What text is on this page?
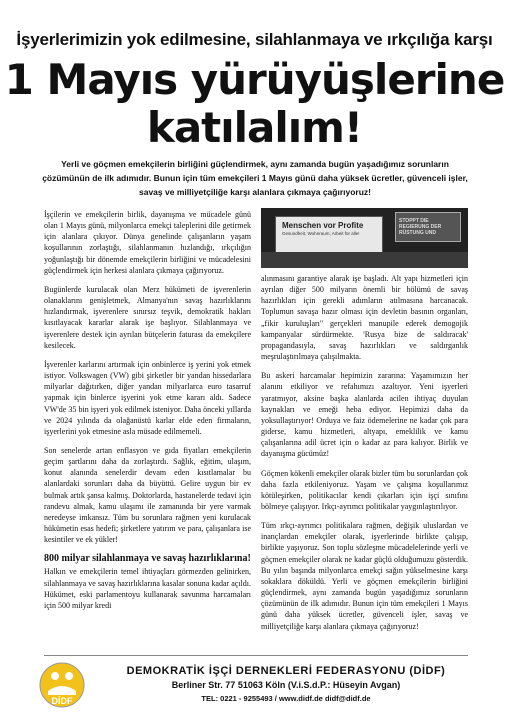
İşyerlerimizin yok edilmesine, silahlanmaya ve ırkçılığa karşı
1 Mayıs yürüyüşlerine
katılalım!
Yerli ve göçmen emekçilerin birliğini güçlendirmek, aynı zamanda bugün yaşadığımız sorunların
çözümünün de ilk adımıdır. Bunun için tüm emekçileri 1 Mayıs günü daha yüksek ücretler, güvenceli işler,
savaş ve milliyetçiliğe karşı alanlara çıkmaya çağırıyoruz!

İşçilerin ve emekçilerin birlik, dayanışma ve mücadele günü olan 1 Mayıs günü, milyonlarca emekçi taleplerini dile getirmek için alanlara çıkıyor. Dünya genelinde çalışanların yaşam koşullarının zorlaştığı, silahlanmanın hızlandığı, ırkçılığın yoğunlaştığı bir dönemde emekçilerin birliğini ve mücadelesini güçlendirmek için herkesi alanlara çıkmaya çağırıyoruz.

Bugünlerde kurulacak olan Merz hükümeti de işverenlerin olanaklarını genişletmek, Almanya'nın savaş hazırlıklarını hızlandırmak, işverenlere sınırsız teşvik, demokratik hakları kısıtlayacak kararlar alarak işe başlıyor. Silahlanmaya ve işverenlere destek için ayrılan bütçelerin faturası da emekçilere kesilecek.

İşverenler karlarını artırmak için onbinlerce iş yerini yok etmek istiyor. Volkswagen (VW) gibi şirketler bir yandan hissedarlara milyarlar dağıtırken, diğer yandan milyarlarca euro tasarruf yapmak için binlerce işyerini yok etme kararı aldı. Sadece VW'de 35 bin işyeri yok edilmek isteniyor. Daha önceki yıllarda ve 2024 yılında da olağanüstü karlar elde eden firmaların, işyerlerini yok etmesine asla müsade edilmemeli.

Son senelerde artan enflasyon ve gıda fiyatları emekçilerin geçim şartlarını daha da zorlaştırdı. Sağlık, eğitim, ulaşım, konut alanında senelerdir devam eden kısıtlamalar bu alanlardaki sorunları daha da büyüttü. Gelire uygun bir ev bulmak artık şansa kalmış. Doktorlarda, hastanelerde tedavi için randevu almak, kamu ulaşımı ile zamanında bir yere varmak neredeyse imkansız. Tüm bu sorunlara rağmen yeni kurulacak hükümetin esas hedefi; şirketlere yatırım ve para, çalışanlara ise kesintiler ve ek yükler!

800 milyar silahlanmaya ve savaş hazırlıklarına!

Halkın ve emekçilerin temel ihtiyaçları görmezden gelinirken, silahlanmaya ve savaş hazırlıklarına kasalar sonuna kadar açıldı. Hükümet, eski parlamentoyu kullanarak savunma harcamaları için 500 milyar kredi

Menschen vor Profite
Gesundheit, Wohnraum, Arbeit für alle!
STOPPT DIE REGIERUNG DER RÜSTUNG UND

alınmasını garantiye alarak işe başladı. Alt yapı hizmetleri için ayrılan diğer 500 milyarın önemli bir bölümü de savaş hazırlıkları için gerekli adımların atılmasına harcanacak. Toplumun savaşa hazır olması için devletin basının organları, „fikir kuruluşları" gerçekleri manupile ederek demogojik kampanyalar sürdürmekte. 'Rusya bize de saldıracak' propagandasıyla, savaş hazırlıkları ve saldırganlık meşrulaştırılmaya çalışılmakta.

Bu askeri harcamalar hepimizin zararına: Yaşamımızın her alanını etkiliyor ve refahımızı azaltıyor. Yeni işyerleri yaratmıyor, aksine başka alanlarda acilen ihtiyaç duyulan kaynakları ve emeği heba ediyor. Hepimizi daha da yoksullaştırıyor! Orduya ve faiz ödemelerine ne kadar çok para giderse, kamu hizmetleri, altyapı, emeklilik ve kamu çalışanlarına adil ücret için o kadar az para kalıyor. Birlik ve dayanışma gücümüz!

Göçmen kökenli emekçiler olarak bizler tüm bu sorunlardan çok daha fazla etkileniyoruz. Yaşam ve çalışma koşullarımız kötüleşirken, politikacılar kendi çıkarları için işçi sınıfını bölmeye çalışıyor. Irkçı-ayrımcı politikalar yaygınlaştırılıyor.

Tüm ırkçı-ayrımcı politikalara rağmen, değişik uluslardan ve inançlardan emekçiler olarak, işyerlerinde birlikte çalışıp, birlikte yaşıyoruz. Son toplu sözleşme mücadelelerinde yerli ve göçmen emekçiler olarak ne kadar güçlü olduğumuzu gösterdik. Bu yılın başında milyonlarca emekçi sağın yükselmesine karşı sokaklara döküldü. Yerli ve göçmen emekçilerin birliğini güçlendirmek, aynı zamanda bugün yaşadığımız sorunların çözümünün de ilk adımıdır. Bunun için tüm emekçileri 1 Mayıs günü daha yüksek ücretler, güvenceli işler, savaş ve milliyetçiliğe karşı alanlara çıkmaya çağırıyoruz!

DİDF
DEMOKRATİK İŞÇİ DERNEKLERİ FEDERASYONU (DİDF)
Berliner Str. 77 51063 Köln (V.i.S.d.P.: Hüseyin Avgan)
TEL: 0221 - 9255493 / www.didf.de didf@didf.de
